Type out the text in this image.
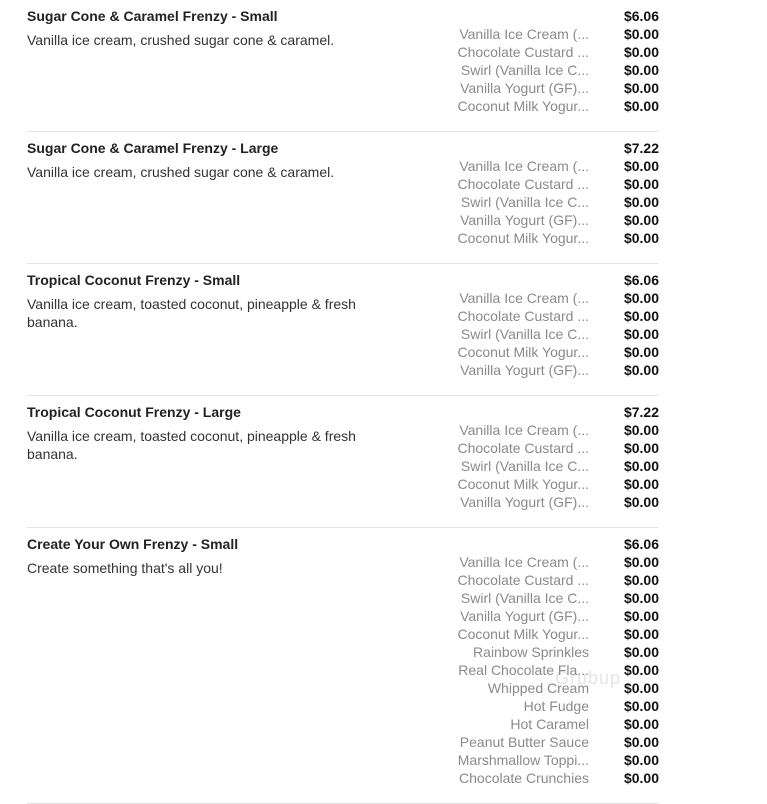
Sugar Cone & Caramel Frenzy - Small
Vanilla ice cream, crushed sugar cone & caramel.
$6.06
Vanilla Ice Cream (...	$0.00
Chocolate Custard ...	$0.00
Swirl (Vanilla Ice C...	$0.00
Vanilla Yogurt (GF)...	$0.00
Coconut Milk Yogur...	$0.00
Sugar Cone & Caramel Frenzy - Large
Vanilla ice cream, crushed sugar cone & caramel.
$7.22
Vanilla Ice Cream (...	$0.00
Chocolate Custard ...	$0.00
Swirl (Vanilla Ice C...	$0.00
Vanilla Yogurt (GF)...	$0.00
Coconut Milk Yogur...	$0.00
Tropical Coconut Frenzy - Small
Vanilla ice cream, toasted coconut, pineapple & fresh banana.
$6.06
Vanilla Ice Cream (...	$0.00
Chocolate Custard ...	$0.00
Swirl (Vanilla Ice C...	$0.00
Coconut Milk Yogur...	$0.00
Vanilla Yogurt (GF)...	$0.00
Tropical Coconut Frenzy - Large
Vanilla ice cream, toasted coconut, pineapple & fresh banana.
$7.22
Vanilla Ice Cream (...	$0.00
Chocolate Custard ...	$0.00
Swirl (Vanilla Ice C...	$0.00
Coconut Milk Yogur...	$0.00
Vanilla Yogurt (GF)...	$0.00
Create Your Own Frenzy - Small
Create something that's all you!
$6.06
Vanilla Ice Cream (...	$0.00
Chocolate Custard ...	$0.00
Swirl (Vanilla Ice C...	$0.00
Vanilla Yogurt (GF)...	$0.00
Coconut Milk Yogur...	$0.00
Rainbow Sprinkles	$0.00
Real Chocolate Fla...	$0.00
Whipped Cream	$0.00
Hot Fudge	$0.00
Hot Caramel	$0.00
Peanut Butter Sauce	$0.00
Marshmallow Toppi...	$0.00
Chocolate Crunchies	$0.00
Grubup
